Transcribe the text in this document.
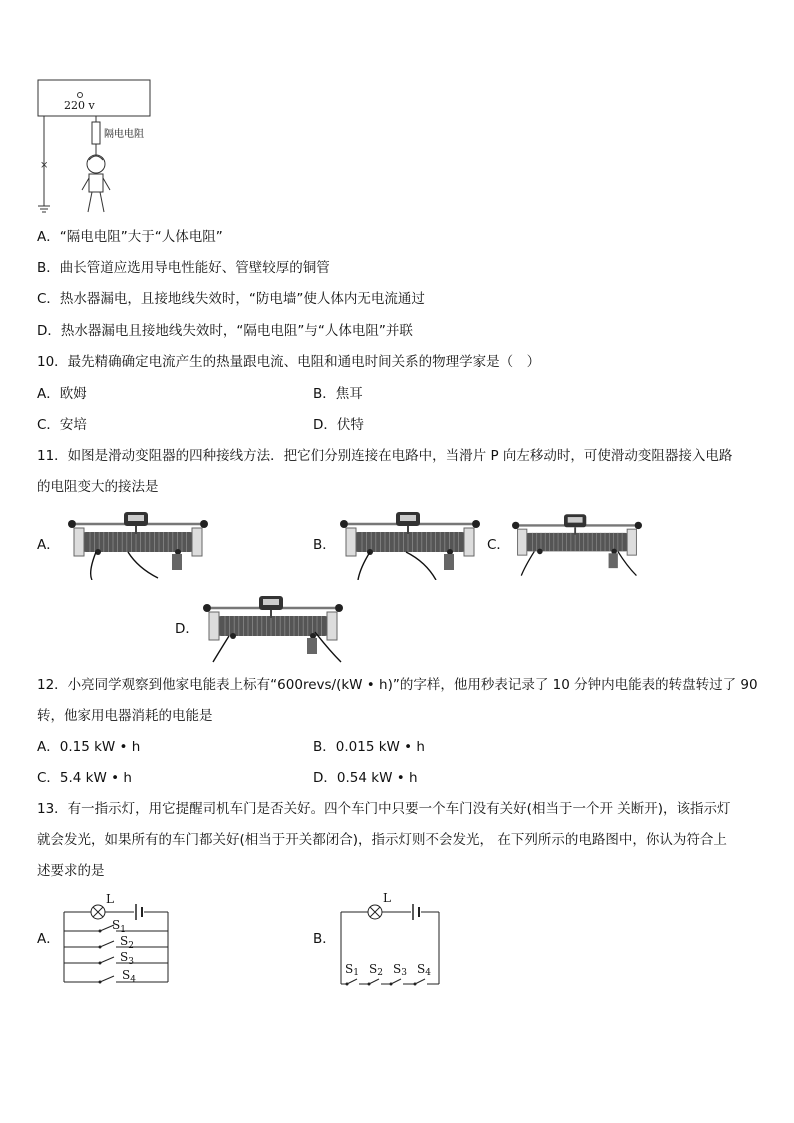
220 v
×
隔电电阻
A．“隔电电阻”大于“人体电阻”
B．曲长管道应选用导电性能好、管壁较厚的铜管
C．热水器漏电，且接地线失效时，“防电墙”使人体内无电流通过
D．热水器漏电且接地线失效时，“隔电电阻”与“人体电阻”并联
10．最先精确确定电流产生的热量跟电流、电阻和通电时间关系的物理学家是（　）
A．欧姆	B．焦耳
C．安培	D．伏特
11．如图是滑动变阻器的四种接线方法．把它们分别连接在电路中，当滑片 P 向左移动时，可使滑动变阻器接入电路
的电阻变大的接法是
A．	B．	C．
D．
12．小亮同学观察到他家电能表上标有“600revs/(kW • h)”的字样，他用秒表记录了 10 分钟内电能表的转盘转过了 90
转，他家用电器消耗的电能是
A．0.15 kW • h	B．0.015 kW • h
C．5.4 kW • h	D．0.54 kW • h
13．有一指示灯，用它提醒司机车门是否关好。四个车门中只要一个车门没有关好(相当于一个开 关断开)，该指示灯
就会发光，如果所有的车门都关好(相当于开关都闭合)，指示灯则不会发光， 在下列所示的电路图中，你认为符合上
述要求的是
A．	B．
L
$S_1$
$S_2$
$S_3$
$S_4$
L
S1 S2 S3 S4
